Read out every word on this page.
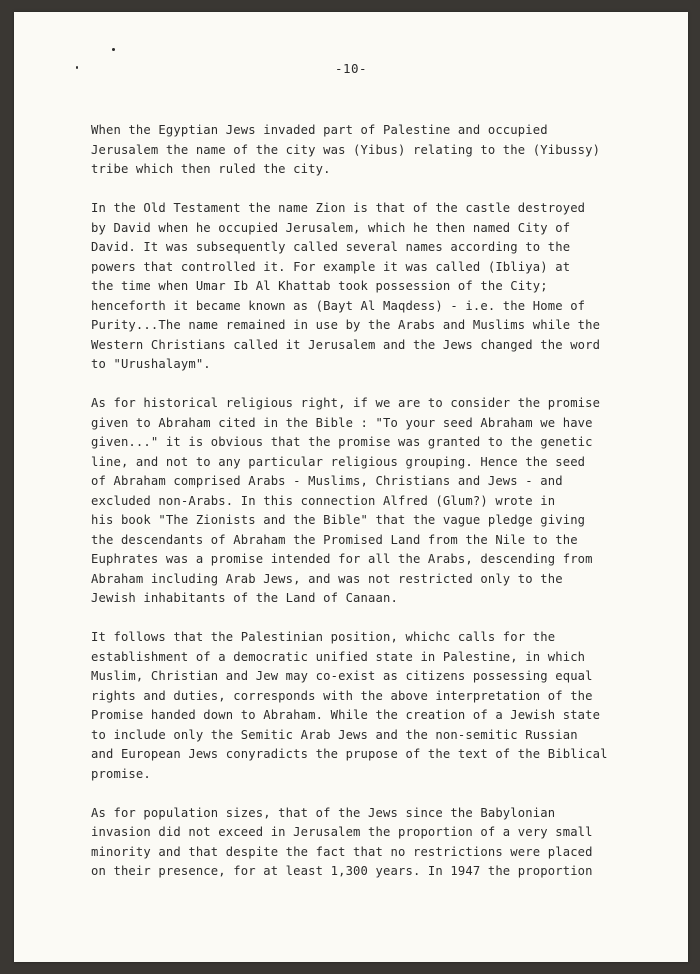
-10-

When the Egyptian Jews invaded part of Palestine and occupied
Jerusalem the name of the city was (Yibus) relating to the (Yibussy)
tribe which then ruled the city.

In the Old Testament the name Zion is that of the castle destroyed
by David when he occupied Jerusalem, which he then named City of
David. It was subsequently called several names according to the
powers that controlled it. For example it was called (Ibliya) at
the time when Umar Ib Al Khattab took possession of the City;
henceforth it became known as (Bayt Al Maqdess) - i.e. the Home of
Purity...The name remained in use by the Arabs and Muslims while the
Western Christians called it Jerusalem and the Jews changed the word
to "Urushalaym".

As for historical religious right, if we are to consider the promise
given to Abraham cited in the Bible : "To your seed Abraham we have
given..." it is obvious that the promise was granted to the genetic
line, and not to any particular religious grouping. Hence the seed
of Abraham comprised Arabs - Muslims, Christians and Jews - and
excluded non-Arabs. In this connection Alfred (Glum?) wrote in
his book "The Zionists and the Bible" that the vague pledge giving
the descendants of Abraham the Promised Land from the Nile to the
Euphrates was a promise intended for all the Arabs, descending from
Abraham including Arab Jews, and was not restricted only to the
Jewish inhabitants of the Land of Canaan.

It follows that the Palestinian position, whichc calls for the
establishment of a democratic unified state in Palestine, in which
Muslim, Christian and Jew may co-exist as citizens possessing equal
rights and duties, corresponds with the above interpretation of the
Promise handed down to Abraham. While the creation of a Jewish state
to include only the Semitic Arab Jews and the non-semitic Russian
and European Jews conyradicts the prupose of the text of the Biblical
promise.

As for population sizes, that of the Jews since the Babylonian
invasion did not exceed in Jerusalem the proportion of a very small
minority and that despite the fact that no restrictions were placed
on their presence, for at least 1,300 years. In 1947 the proportion
